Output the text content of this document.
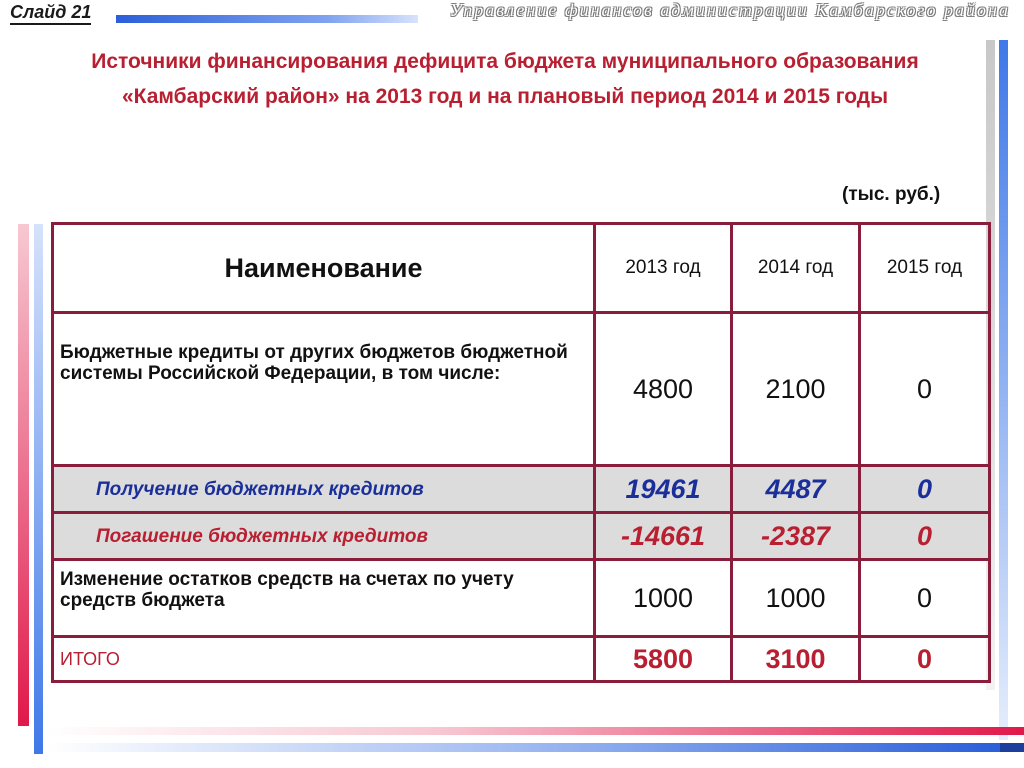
Слайд 21	Управление финансов администрации Камбарского района
Источники финансирования дефицита бюджета муниципального образования
«Камбарский район» на 2013 год и на плановый период 2014 и 2015 годы
(тыс. руб.)
Наименование	2013 год	2014 год	2015 год
Бюджетные кредиты от других бюджетов бюджетной системы Российской Федерации, в том числе:	4800	2100	0
Получение бюджетных кредитов	19461	4487	0
Погашение бюджетных кредитов	-14661	-2387	0
Изменение остатков средств на счетах по учету средств бюджета	1000	1000	0
ИТОГО	5800	3100	0
